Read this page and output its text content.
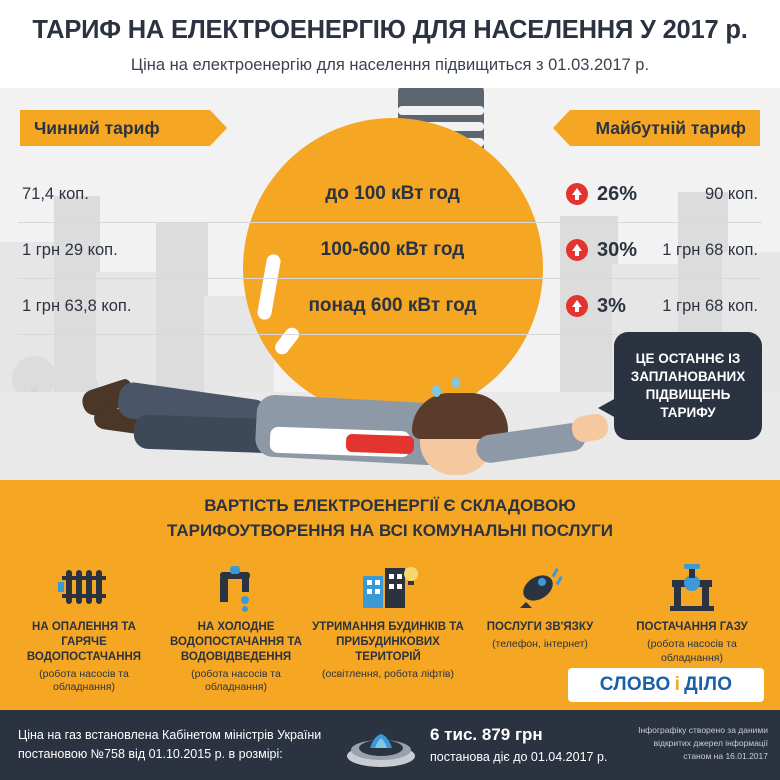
ТАРИФ НА ЕЛЕКТРОЕНЕРГІЮ ДЛЯ НАСЕЛЕННЯ У 2017 р.
Ціна на електроенергію для населення підвищиться з 01.03.2017 р.
Чинний тариф	Майбутній тариф
71,4 коп.	до 100 кВт год	26%	90 коп.
1 грн 29 коп.	100-600 кВт год	30%	1 грн 68 коп.
1 грн 63,8 коп.	понад 600 кВт год	3%	1 грн 68 коп.
ЦЕ ОСТАННЄ ІЗ ЗАПЛАНОВАНИХ ПІДВИЩЕНЬ ТАРИФУ
ВАРТІСТЬ ЕЛЕКТРОЕНЕРГІЇ Є СКЛАДОВОЮ
ТАРИФОУТВОРЕННЯ НА ВСІ КОМУНАЛЬНІ ПОСЛУГИ
НА ОПАЛЕННЯ ТА ГАРЯЧЕ ВОДОПОСТАЧАННЯ
(робота насосів та обладнання)
НА ХОЛОДНЕ ВОДОПОСТАЧАННЯ ТА ВОДОВІДВЕДЕННЯ
(робота насосів та обладнання)
УТРИМАННЯ БУДИНКІВ ТА ПРИБУДИНКОВИХ ТЕРИТОРІЙ
(освітлення, робота ліфтів)
ПОСЛУГИ ЗВ'ЯЗКУ
(телефон, інтернет)
ПОСТАЧАННЯ ГАЗУ
(робота насосів та обладнання)
СЛОВО і ДІЛО
Ціна на газ встановлена Кабінетом міністрів України постановою №758 від 01.10.2015 р. в розмірі:
6 тис. 879 грн
постанова діє до 01.04.2017 р.
Інфографіку створено за даними відкритих джерел інформації станом на 16.01.2017
